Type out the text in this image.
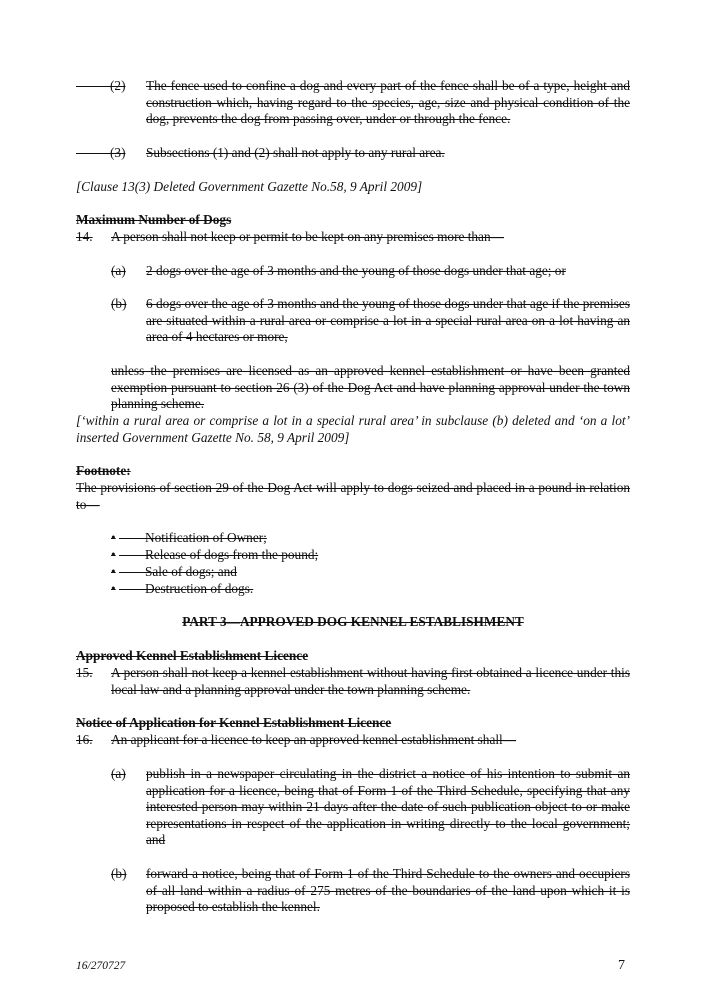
(2) The fence used to confine a dog and every part of the fence shall be of a type, height and construction which, having regard to the species, age, size and physical condition of the dog, prevents the dog from passing over, under or through the fence.
(3) Subsections (1) and (2) shall not apply to any rural area.
[Clause 13(3) Deleted Government Gazette No.58, 9 April 2009]
Maximum Number of Dogs
14. A person shall not keep or permit to be kept on any premises more than—
(a) 2 dogs over the age of 3 months and the young of those dogs under that age; or
(b) 6 dogs over the age of 3 months and the young of those dogs under that age if the premises are situated within a rural area or comprise a lot in a special rural area on a lot having an area of 4 hectares or more,
unless the premises are licensed as an approved kennel establishment or have been granted exemption pursuant to section 26 (3) of the Dog Act and have planning approval under the town planning scheme.
[‘within a rural area or comprise a lot in a special rural area’ in subclause (b) deleted and ‘on a lot’ inserted Government Gazette No. 58, 9 April 2009]
Footnote:
The provisions of section 29 of the Dog Act will apply to dogs seized and placed in a pound in relation to—
• Notification of Owner;
• Release of dogs from the pound;
• Sale of dogs; and
• Destruction of dogs.
PART 3—APPROVED DOG KENNEL ESTABLISHMENT
Approved Kennel Establishment Licence
15. A person shall not keep a kennel establishment without having first obtained a licence under this local law and a planning approval under the town planning scheme.
Notice of Application for Kennel Establishment Licence
16. An applicant for a licence to keep an approved kennel establishment shall—
(a) publish in a newspaper circulating in the district a notice of his intention to submit an application for a licence, being that of Form 1 of the Third Schedule, specifying that any interested person may within 21 days after the date of such publication object to or make representations in respect of the application in writing directly to the local government; and
(b) forward a notice, being that of Form 1 of the Third Schedule to the owners and occupiers of all land within a radius of 275 metres of the boundaries of the land upon which it is proposed to establish the kennel.
16/270727	7
